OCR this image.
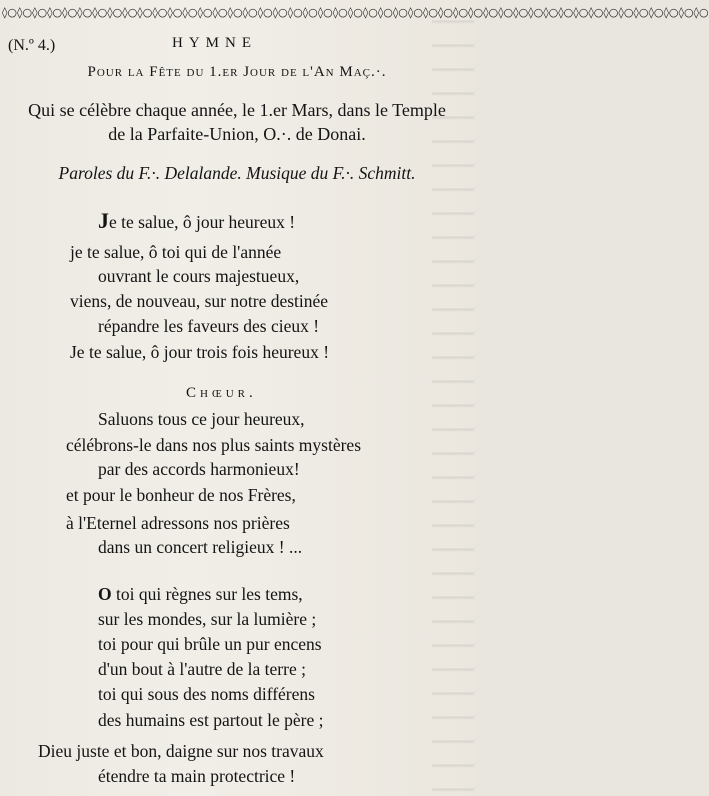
◊○◊○◊○◊○◊○◊○◊○◊○◊○◊○◊○◊○◊○◊○◊○◊○◊○◊○◊○◊○◊○◊○◊○◊○◊○◊○◊○◊○◊○◊○◊○◊○◊○◊○◊○◊○◊○◊○◊○◊○◊○◊○◊○◊○◊○◊○◊○
(N.º 4.)	HYMNE
Pour la Fête du 1.er Jour de l'An Maç.·.
Qui se célèbre chaque année, le 1.er Mars, dans le Temple
de la Parfaite-Union, O.·. de Donai.
Paroles du F.·. Delalande. Musique du F.·. Schmitt.
Je te salue, ô jour heureux !
je te salue, ô toi qui de l'année
ouvrant le cours majestueux,
viens, de nouveau, sur notre destinée
répandre les faveurs des cieux !
Je te salue, ô jour trois fois heureux !
Chœur.
Saluons tous ce jour heureux,
célébrons-le dans nos plus saints mystères
par des accords harmonieux!
et pour le bonheur de nos Frères,
à l'Eternel adressons nos prières
dans un concert religieux ! ...
O toi qui règnes sur les tems,
sur les mondes, sur la lumière ;
toi pour qui brûle un pur encens
d'un bout à l'autre de la terre ;
toi qui sous des noms différens
des humains est partout le père ;
Dieu juste et bon, daigne sur nos travaux
étendre ta main protectrice !
